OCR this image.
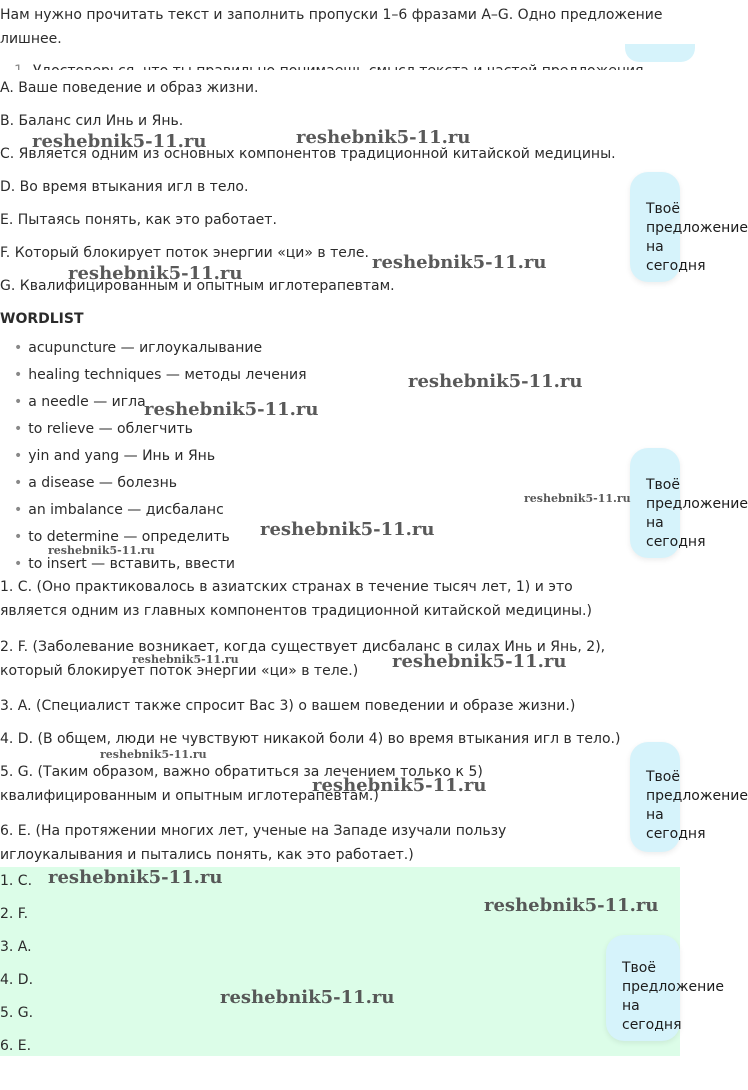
Нам нужно прочитать текст и заполнить пропуски 1–6 фразами A–G. Одно предложение лишнее.
A. Ваше поведение и образ жизни.
B. Баланс сил Инь и Янь.
C. Является одним из основных компонентов традиционной китайской медицины.
D. Во время втыкания игл в тело.
E. Пытаясь понять, как это работает.
F. Который блокирует поток энергии «ци» в теле.
G. Квалифицированным и опытным иглотерапевтам.
WORDLIST
• acupuncture — иглоукалывание
• healing techniques — методы лечения
• a needle — игла
• to relieve — облегчить
• yin and yang — Инь и Янь
• a disease — болезнь
• an imbalance — дисбаланс
• to determine — определить
• to insert — вставить, ввести
1. C. (Оно практиковалось в азиатских странах в течение тысяч лет, 1) и это является одним из главных компонентов традиционной китайской медицины.)
2. F. (Заболевание возникает, когда существует дисбаланс в силах Инь и Янь, 2), который блокирует поток энергии «ци» в теле.)
3. A. (Специалист также спросит Вас 3) о вашем поведении и образе жизни.)
4. D. (В общем, люди не чувствуют никакой боли 4) во время втыкания игл в тело.)
5. G. (Таким образом, важно обратиться за лечением только к 5) квалифицированным и опытным иглотерапевтам.)
6. E. (На протяжении многих лет, ученые на Западе изучали пользу иглоукалывания и пытались понять, как это работает.)
1. C.
2. F.
3. A.
4. D.
5. G.
6. E.
Твоё предложение на сегодня
Твоё предложение на сегодня
Твоё предложение на сегодня
Твоё предложение на сегодня
reshebnik5-11.ru	reshebnik5-11.ru
reshebnik5-11.ru
reshebnik5-11.ru
reshebnik5-11.ru
reshebnik5-11.ru
reshebnik5-11.ru
reshebnik5-11.ru
reshebnik5-11.ru
reshebnik5-11.ru	reshebnik5-11.ru
reshebnik5-11.ru
reshebnik5-11.ru
reshebnik5-11.ru
reshebnik5-11.ru
reshebnik5-11.ru
